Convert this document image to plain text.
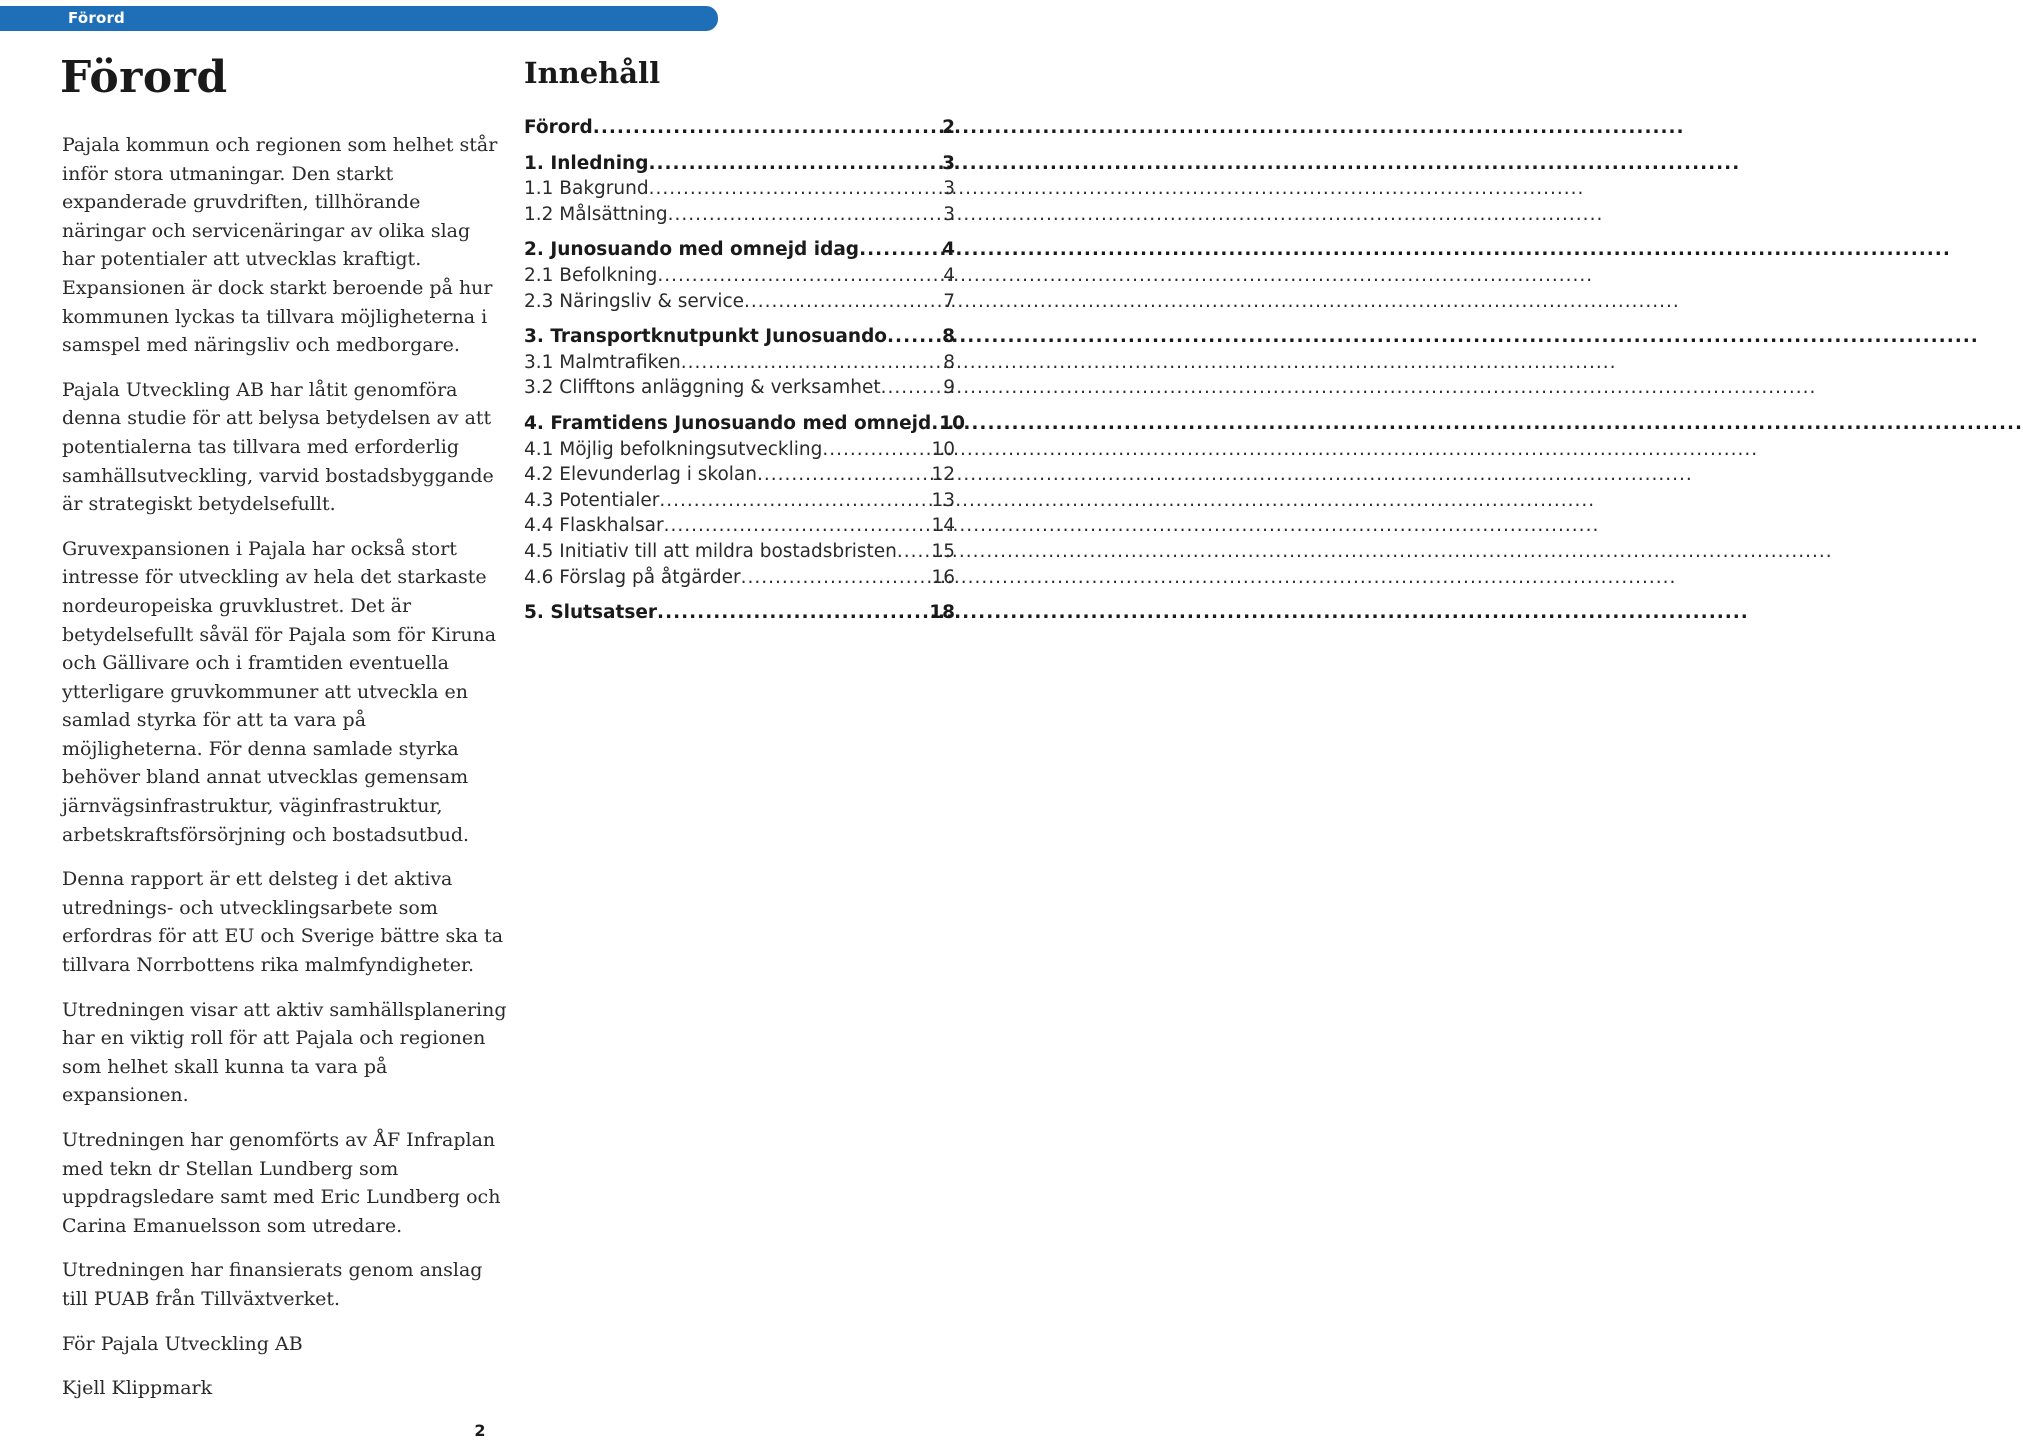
Förord
Förord

Pajala kommun och regionen som helhet står inför stora utmaningar. Den starkt expanderade gruvdriften, tillhörande näringar och servicenäringar av olika slag har potentialer att utvecklas kraftigt. Expansionen är dock starkt beroende på hur kommunen lyckas ta tillvara möjligheterna i samspel med näringsliv och medborgare.

Pajala Utveckling AB har låtit genomföra denna studie för att belysa betydelsen av att potentialerna tas tillvara med erforderlig samhällsutveckling, varvid bostadsbyggande är strategiskt betydelsefullt.

Gruvexpansionen i Pajala har också stort intresse för utveckling av hela det starkaste nordeuropeiska gruvklustret. Det är betydelsefullt såväl för Pajala som för Kiruna och Gällivare och i framtiden eventuella ytterligare gruvkommuner att utveckla en samlad styrka för att ta vara på möjligheterna. För denna samlade styrka behöver bland annat utvecklas gemensam järnvägsinfrastruktur, väginfrastruktur, arbetskraftsförsörjning och bostadsutbud.

Denna rapport är ett delsteg i det aktiva utrednings- och utvecklingsarbete som erfordras för att EU och Sverige bättre ska ta tillvara Norrbottens rika malmfyndigheter.

Utredningen visar att aktiv samhällsplanering har en viktig roll för att Pajala och regionen som helhet skall kunna ta vara på expansionen.

Utredningen har genomförts av ÅF Infraplan med tekn dr Stellan Lundberg som uppdragsledare samt med Eric Lundberg och Carina Emanuelsson som utredare.

Utredningen har finansierats genom anslag till PUAB från Tillväxtverket.

För Pajala Utveckling AB

Kjell Klippmark

Innehåll
Förord .....	2
1. Inledning .....	3
1.1 Bakgrund .....	3
1.2 Målsättning .....	3
2. Junosuando med omnejd idag .....	4
2.1 Befolkning .....	4
2.3 Näringsliv & service .....	7
3. Transportknutpunkt Junosuando .....	8
3.1 Malmtrafiken .....	8
3.2 Clifftons anläggning & verksamhet .....	9
4. Framtidens Junosuando med omnejd ..... 10
4.1 Möjlig befolkningsutveckling .....	10
4.2 Elevunderlag i skolan .....	12
4.3 Potentialer .....	13
4.4 Flaskhalsar .....	14
4.5 Initiativ till att mildra bostadsbristen ..... 15
4.6 Förslag på åtgärder .....	16
5. Slutsatser .....	18
2
